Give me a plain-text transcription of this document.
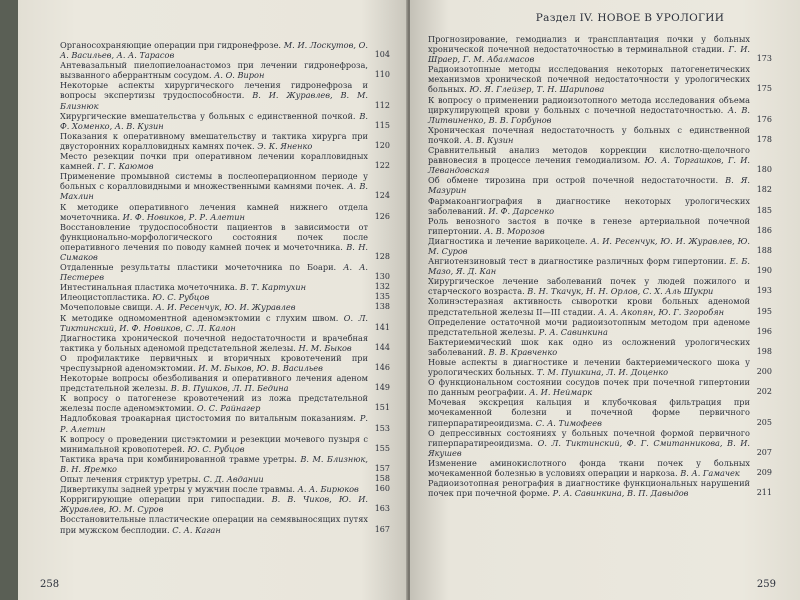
Органосохраняющие операции при гидронефрозе. М. И. Лоскутов, О. А. Васильев, А. А. Тарасов	104
Антевазальный пиелопиелоанастомоз при лечении гидронефроза, вызванного аберрантным сосудом. А. О. Вирон	110
Некоторые аспекты хирургического лечения гидронефроза и вопросы экспертизы трудоспособности. В. И. Журавлев, В. М. Близнюк	112
Хирургические вмешательства у больных с единственной почкой. В. Ф. Хоменко, А. В. Кузин	115
Показания к оперативному вмешательству и тактика хирурга при двусторонних коралловидных камнях почек. Э. К. Яненко	120
Место резекции почки при оперативном лечении коралловидных камней. Г. Г. Каюмов	122
Применение промывной системы в послеоперационном периоде у больных с коралловидными и множественными камнями почек. А. В. Махлин	124
К методике оперативного лечения камней нижнего отдела мочеточника. И. Ф. Новиков, Р. Р. Алетин	126
Восстановление трудоспособности пациентов в зависимости от функционально-морфологического состояния почек после оперативного лечения по поводу камней почек и мочеточника. В. Н. Симаков	128
Отдаленные результаты пластики мочеточника по Боари. А. А. Пестерев	130
Интестинальная пластика мочеточника. В. Т. Картухин	132
Илеоцистопластика. Ю. С. Рубцов	135
Мочеполовые свищи. А. И. Ресенчук, Ю. И. Журавлев	138
К методике одномоментной аденомэктомии с глухим швом. О. Л. Тиктинский, И. Ф. Новиков, С. Л. Калон	141
Диагностика хронической почечной недостаточности и врачебная тактика у больных аденомой предстательной железы. Н. М. Быков	144
О профилактике первичных и вторичных кровотечений при чреспузырной аденомэктомии. И. М. Быков, Ю. В. Васильев	146
Некоторые вопросы обезболивания и оперативного лечения аденом предстательной железы. В. В. Пушков, Л. П. Бедина	149
К вопросу о патогенезе кровотечений из ложа предстательной железы после аденомэктомии. О. С. Райнагер	151
Надлобковая троакарная цистостомия по витальным показаниям. Р. Р. Алетин	153
К вопросу о проведении цистэктомии и резекции мочевого пузыря с минимальной кровопотерей. Ю. С. Рубцов	155
Тактика врача при комбинированной травме уретры. В. М. Близнюк, В. Н. Яремко	157
Опыт лечения стриктур уретры. С. Д. Авдании	158
Дивертикулы задней уретры у мужчин после травмы. А. А. Бирюков 160
Корригирующие операции при гипоспадии. В. В. Чиков, Ю. И. Журавлев, Ю. М. Суров	163
Восстановительные пластические операции на семявыносящих путях при мужском бесплодии. С. А. Каган	167
258
Раздел IV. НОВОЕ В УРОЛОГИИ
Прогнозирование, гемодиализ и трансплантация почки у больных хронической почечной недостаточностью в терминальной стадии. Г. И. Шраер, Г. М. Абалмасов	173
Радиоизотопные методы исследования некоторых патогенетических механизмов хронической почечной недостаточности у урологических больных. Ю. Я. Глейзер, Т. Н. Шарипова	175
К вопросу о применении радиоизотопного метода исследования объема циркулирующей крови у больных с почечной недостаточностью. А. В. Литвиненко, В. В. Горбунов	176
Хроническая почечная недостаточность у больных с единственной почкой. А. В. Кузин	178
Сравнительный анализ методов коррекции кислотно-щелочного равновесия в процессе лечения гемодиализом. Ю. А. Торгашков, Г. И. Левандовская	180
Об обмене тирозина при острой почечной недостаточности. В. Я. Мазурин	182
Фармакоангиография в диагностике некоторых урологических заболеваний. И. Ф. Дарсенко	185
Роль венозного застоя в почке в генезе артериальной почечной гипертонии. А. В. Морозов	186
Диагностика и лечение варикоцеле. А. И. Ресенчук, Ю. И. Журавлев, Ю. М. Суров	188
Ангиотензиновый тест в диагностике различных форм гипертонии. Е. Б. Мазо, Я. Д. Кан	190
Хирургическое лечение заболеваний почек у людей пожилого и старческого возраста. В. Н. Ткачук, Н. Н. Орлов, С. Х. Аль Шукри	193
Холинэстеразная активность сыворотки крови больных аденомой предстательной железы II—III стадии. А. А. Акопян, Ю. Г. Згоробян	195
Определение остаточной мочи радиоизотопным методом при аденоме предстательной железы. Р. А. Савинкина	196
Бактериемический шок как одно из осложнений урологических заболеваний. В. В. Кравченко	198
Новые аспекты в диагностике и лечении бактериемического шока у урологических больных. Т. М. Пушкина, Л. И. Доценко	200
О функциональном состоянии сосудов почек при почечной гипертонии по данным реографии. А. И. Неймарк	202
Мочевая экскреция кальция и клубочковая фильтрация при мочекаменной болезни и почечной форме первичного гиперпаратиреоидизма. С. А. Тимофеев	205
О депрессивных состояниях у больных почечной формой первичного гиперпаратиреоидизма. О. Л. Тиктинский, Ф. Г. Смитанникова, В. И. Якушев	207
Изменение аминокислотного фонда ткани почек у больных мочекаменной болезнью в условиях операции и наркоза. В. А. Гамачек 209
Радиоизотопная ренография в диагностике функциональных нарушений почек при почечной форме. Р. А. Савинкина, В. П. Давыдов	211
259
